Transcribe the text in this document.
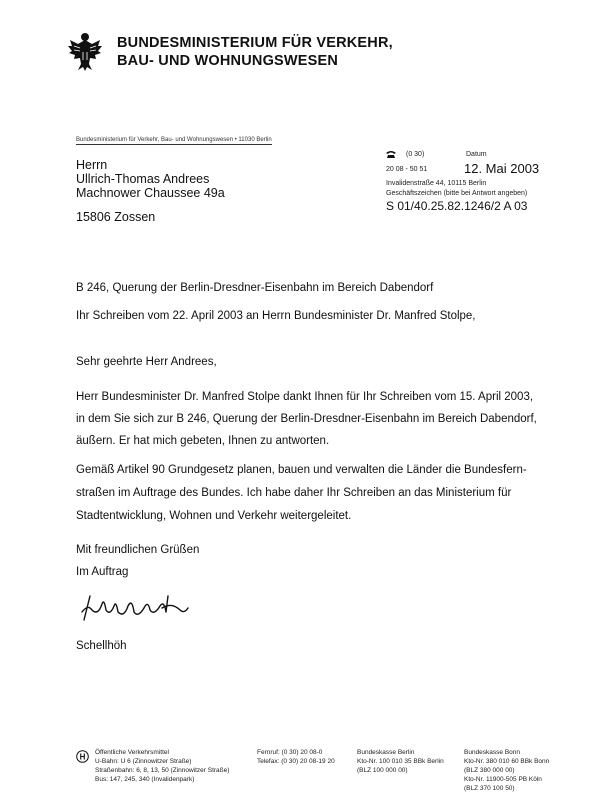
BUNDESMINISTERIUM FÜR VERKEHR,
BAU- UND WOHNUNGSWESEN
Bundesministerium für Verkehr, Bau- und Wohnungswesen • 11030 Berlin
Herrn
Ullrich-Thomas Andrees
Machnower Chaussee 49a
15806 Zossen
(0 30)	Datum
20 08 - 50 51	12. Mai 2003
Invalidenstraße 44, 10115 Berlin
Geschäftszeichen (bitte bei Antwort angeben)
S 01/40.25.82.1246/2 A 03
B 246, Querung der Berlin-Dresdner-Eisenbahn im Bereich Dabendorf
Ihr Schreiben vom 22. April 2003 an Herrn Bundesminister Dr. Manfred Stolpe,
Sehr geehrte Herr Andrees,
Herr Bundesminister Dr. Manfred Stolpe dankt Ihnen für Ihr Schreiben vom 15. April 2003,
in dem Sie sich zur B 246, Querung der Berlin-Dresdner-Eisenbahn im Bereich Dabendorf,
äußern. Er hat mich gebeten, Ihnen zu antworten.
Gemäß Artikel 90 Grundgesetz planen, bauen und verwalten die Länder die Bundesfern-
straßen im Auftrage des Bundes. Ich habe daher Ihr Schreiben an das Ministerium für
Stadtentwicklung, Wohnen und Verkehr weitergeleitet.
Mit freundlichen Grüßen
Im Auftrag
Schellhöh
H Öffentliche Verkehrsmittel
U-Bahn: U 6 (Zinnowitzer Straße)
Straßenbahn: 6, 8, 13, 50 (Zinnowitzer Straße)
Bus: 147, 245, 340 (Invalidenpark)
Fernruf: (0 30) 20 08-0
Telefax: (0 30) 20 08-19 20
Bundeskasse Berlin
Kto-Nr. 100 010 35 BBk Berlin
(BLZ 100 000 00)
Bundeskasse Bonn
Kto-Nr. 380 010 60 BBk Bonn
(BLZ 380 000 00)
Kto-Nr. 11900-505 PB Köln
(BLZ 370 100 50)
